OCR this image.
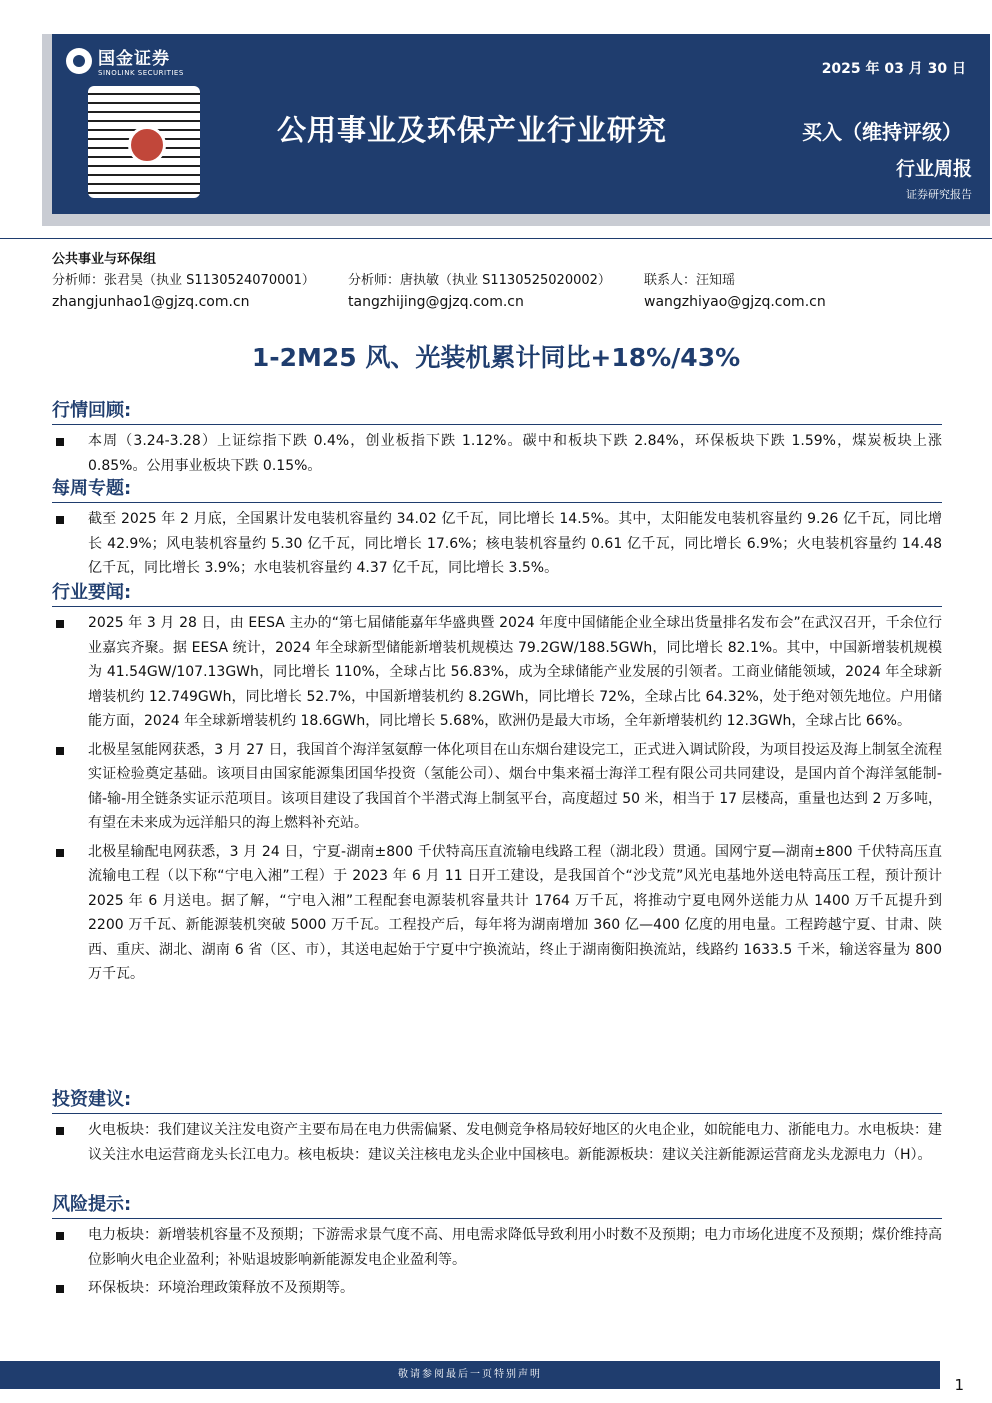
国金证券
SINOLINK SECURITIES	2025 年 03 月 30 日
公用事业及环保产业行业研究	买入（维持评级）
行业周报
证券研究报告
公共事业与环保组
分析师：张君昊（执业 S1130524070001）	分析师：唐执敏（执业 S1130525020002）	联系人：汪知瑶
zhangjunhao1@gjzq.com.cn	tangzhijing@gjzq.com.cn	wangzhiyao@gjzq.com.cn
1-2M25 风、光装机累计同比+18%/43%
行情回顾:
本周（3.24-3.28）上证综指下跌 0.4%，创业板指下跌 1.12%。碳中和板块下跌 2.84%，环保板块下跌 1.59%，煤炭板块上涨 0.85%。公用事业板块下跌 0.15%。
每周专题:
截至 2025 年 2 月底，全国累计发电装机容量约 34.02 亿千瓦，同比增长 14.5%。其中，太阳能发电装机容量约 9.26 亿千瓦，同比增长 42.9%；风电装机容量约 5.30 亿千瓦，同比增长 17.6%；核电装机容量约 0.61 亿千瓦，同比增长 6.9%；火电装机容量约 14.48 亿千瓦，同比增长 3.9%；水电装机容量约 4.37 亿千瓦，同比增长 3.5%。
行业要闻:
2025 年 3 月 28 日，由 EESA 主办的“第七届储能嘉年华盛典暨 2024 年度中国储能企业全球出货量排名发布会”在武汉召开，千余位行业嘉宾齐聚。据 EESA 统计，2024 年全球新型储能新增装机规模达 79.2GW/188.5GWh，同比增长 82.1%。其中，中国新增装机规模为 41.54GW/107.13GWh，同比增长 110%，全球占比 56.83%，成为全球储能产业发展的引领者。工商业储能领域，2024 年全球新增装机约 12.749GWh，同比增长 52.7%，中国新增装机约 8.2GWh，同比增长 72%，全球占比 64.32%，处于绝对领先地位。户用储能方面，2024 年全球新增装机约 18.6GWh，同比增长 5.68%，欧洲仍是最大市场，全年新增装机约 12.3GWh，全球占比 66%。
北极星氢能网获悉，3 月 27 日，我国首个海洋氢氨醇一体化项目在山东烟台建设完工，正式进入调试阶段，为项目投运及海上制氢全流程实证检验奠定基础。该项目由国家能源集团国华投资（氢能公司）、烟台中集来福士海洋工程有限公司共同建设，是国内首个海洋氢能制-储-输-用全链条实证示范项目。该项目建设了我国首个半潜式海上制氢平台，高度超过 50 米，相当于 17 层楼高，重量也达到 2 万多吨，有望在未来成为远洋船只的海上燃料补充站。
北极星输配电网获悉，3 月 24 日，宁夏-湖南±800 千伏特高压直流输电线路工程（湖北段）贯通。国网宁夏—湖南±800 千伏特高压直流输电工程（以下称“宁电入湘”工程）于 2023 年 6 月 11 日开工建设，是我国首个“沙戈荒”风光电基地外送电特高压工程，预计预计 2025 年 6 月送电。据了解，“宁电入湘”工程配套电源装机容量共计 1764 万千瓦，将推动宁夏电网外送能力从 1400 万千瓦提升到 2200 万千瓦、新能源装机突破 5000 万千瓦。工程投产后，每年将为湖南增加 360 亿—400 亿度的用电量。工程跨越宁夏、甘肃、陕西、重庆、湖北、湖南 6 省（区、市），其送电起始于宁夏中宁换流站，终止于湖南衡阳换流站，线路约 1633.5 千米，输送容量为 800 万千瓦。
投资建议:
火电板块：我们建议关注发电资产主要布局在电力供需偏紧、发电侧竞争格局较好地区的火电企业，如皖能电力、浙能电力。水电板块：建议关注水电运营商龙头长江电力。核电板块：建议关注核电龙头企业中国核电。新能源板块：建议关注新能源运营商龙头龙源电力（H）。
风险提示:
电力板块：新增装机容量不及预期；下游需求景气度不高、用电需求降低导致利用小时数不及预期；电力市场化进度不及预期；煤价维持高位影响火电企业盈利；补贴退坡影响新能源发电企业盈利等。
环保板块：环境治理政策释放不及预期等。
敬请参阅最后一页特别声明
1
